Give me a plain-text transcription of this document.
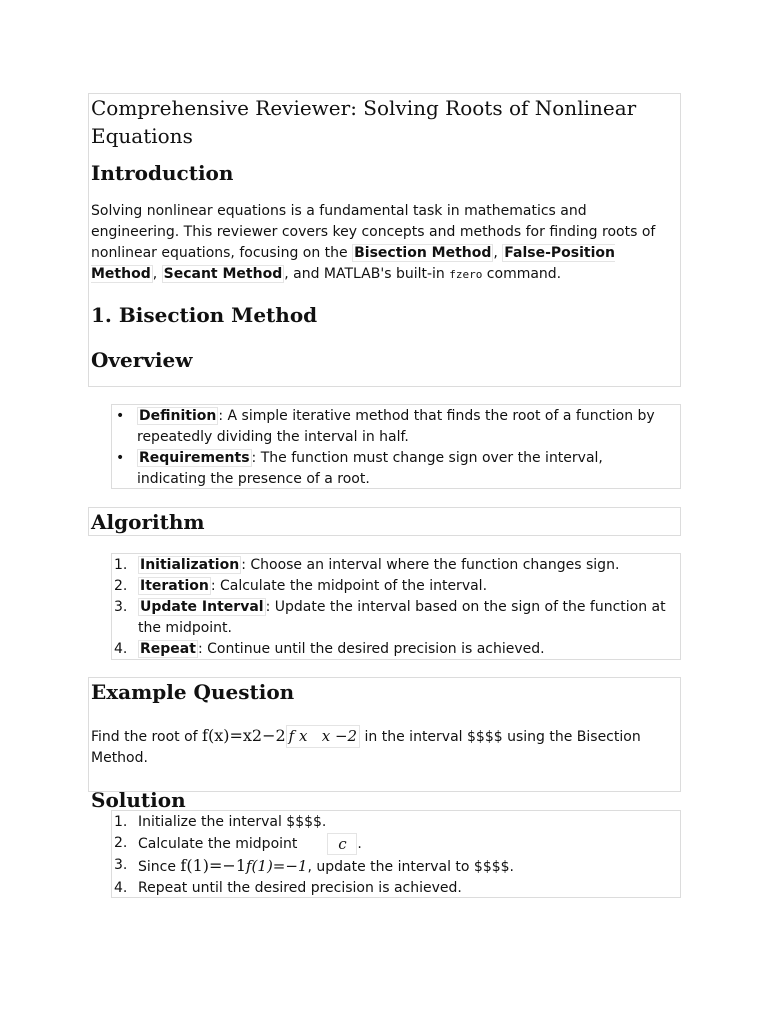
Comprehensive Reviewer: Solving Roots of Nonlinear Equations
Introduction

Solving nonlinear equations is a fundamental task in mathematics and engineering. This reviewer covers key concepts and methods for finding roots of nonlinear equations, focusing on the Bisection Method , False-Position Method , Secant Method , and MATLAB's built-in fzero command.

1. Bisection Method
Overview
• Definition : A simple iterative method that finds the root of a function by repeatedly dividing the interval in half.
• Requirements : The function must change sign over the interval, indicating the presence of a root.
Algorithm
1. Initialization : Choose an interval where the function changes sign.
2. Iteration : Calculate the midpoint of the interval.
3. Update Interval : Update the interval based on the sign of the function at the midpoint.
4. Repeat : Continue until the desired precision is achieved.
Example Question

Find the root of f(x)=x2−2 f x   x −2 in the interval $$$$ using the Bisection Method.

Solution
1. Initialize the interval $$$$.
2. Calculate the midpoint	c .
3. Since f(1)=−1f(1)=−1, update the interval to $$$$.
4. Repeat until the desired precision is achieved.
